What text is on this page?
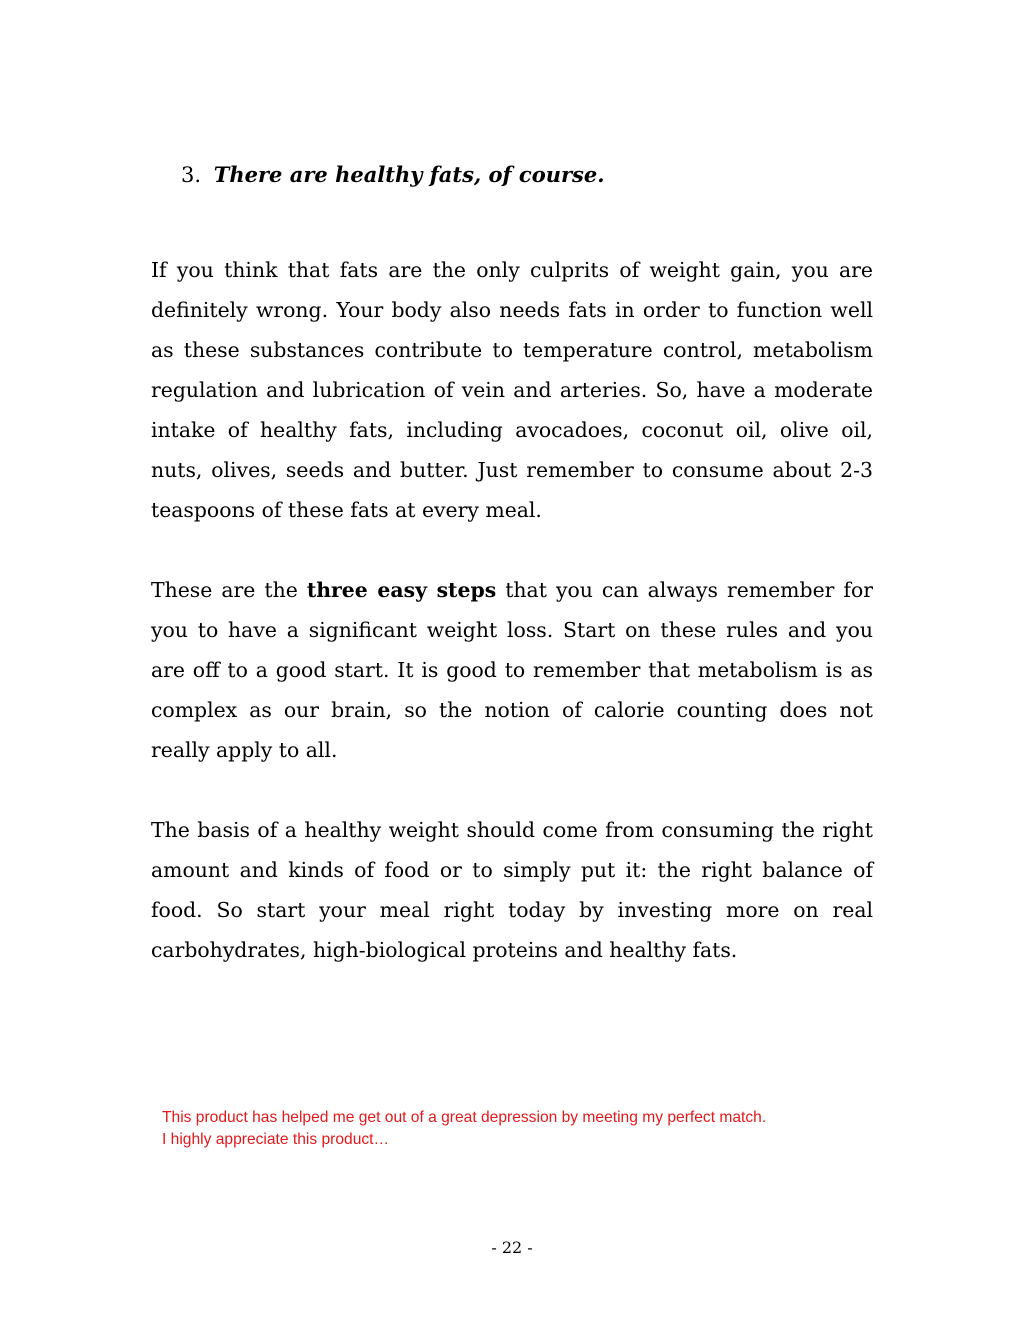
3. There are healthy fats, of course.

If you think that fats are the only culprits of weight gain, you are definitely wrong. Your body also needs fats in order to function well as these substances contribute to temperature control, metabolism regulation and lubrication of vein and arteries. So, have a moderate intake of healthy fats, including avocadoes, coconut oil, olive oil, nuts, olives, seeds and butter. Just remember to consume about 2-3 teaspoons of these fats at every meal.

These are the three easy steps that you can always remember for you to have a significant weight loss. Start on these rules and you are off to a good start. It is good to remember that metabolism is as complex as our brain, so the notion of calorie counting does not really apply to all.

The basis of a healthy weight should come from consuming the right amount and kinds of food or to simply put it: the right balance of food. So start your meal right today by investing more on real carbohydrates, high-biological proteins and healthy fats.

This product has helped me get out of a great depression by meeting my perfect match.
I highly appreciate this product…
- 22 -
